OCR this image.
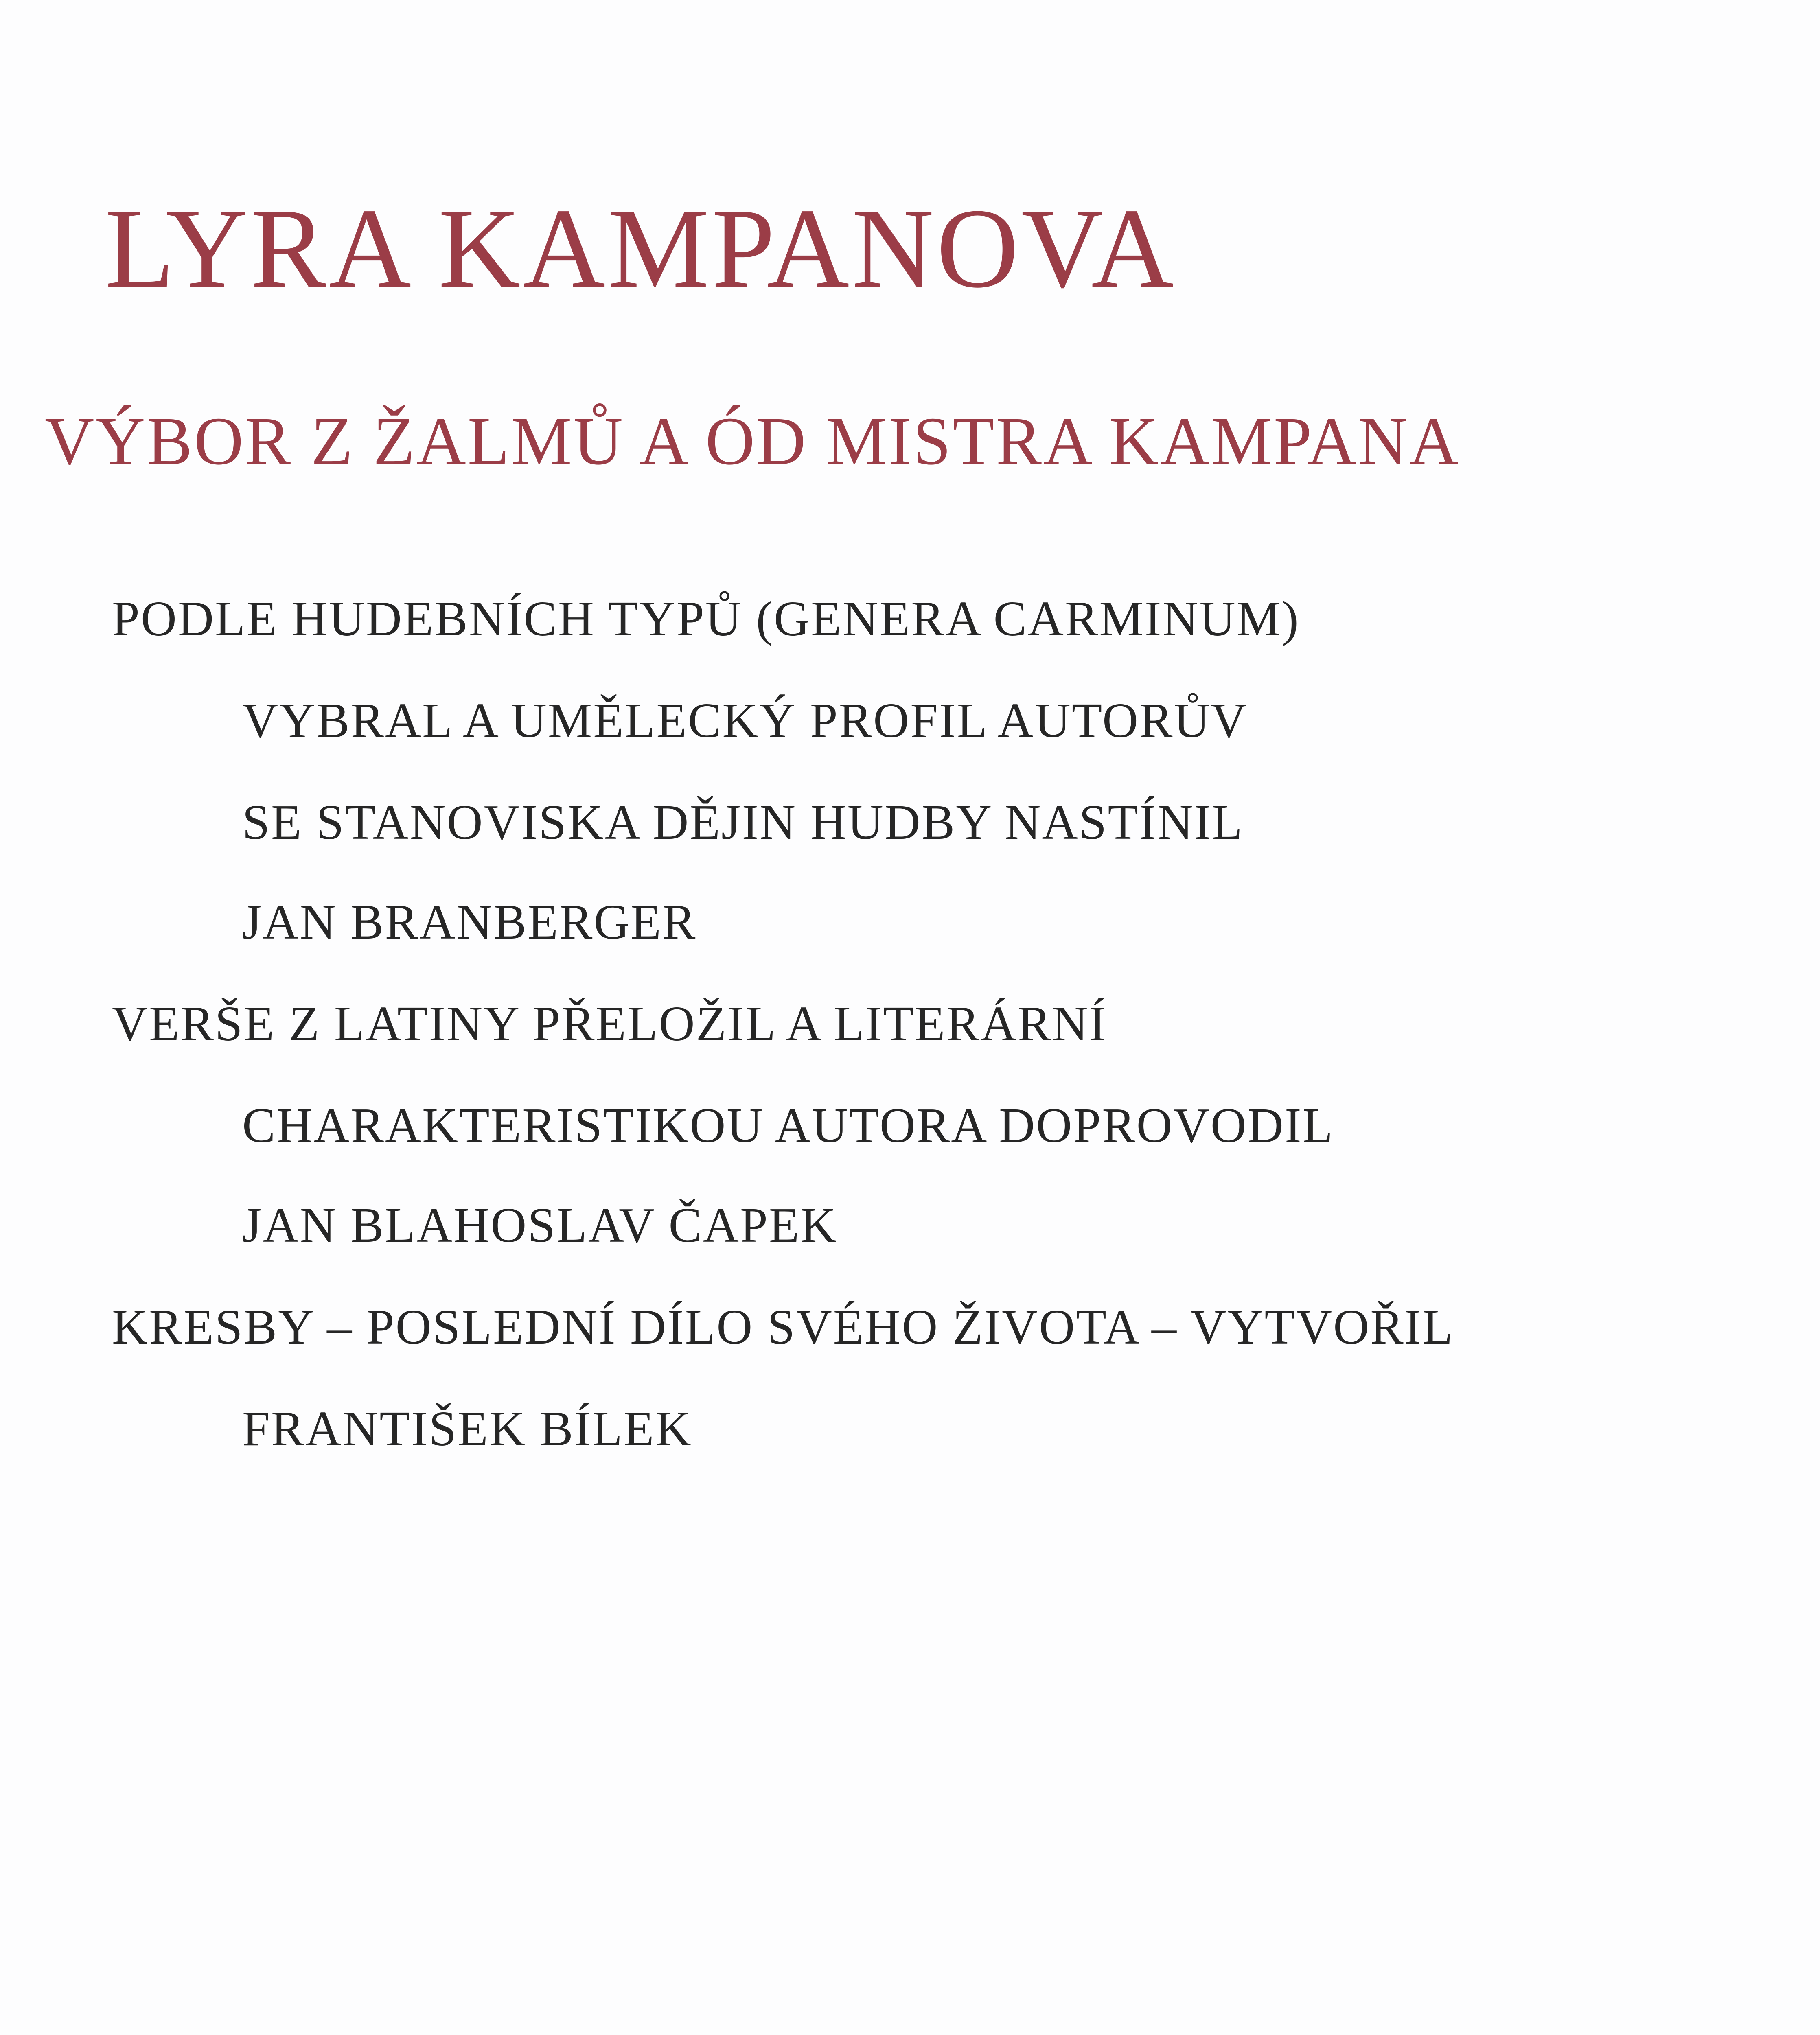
LYRA KAMPANOVA
VÝBOR Z ŽALMŮ A ÓD MISTRA KAMPANA

PODLE HUDEBNÍCH TYPŮ (GENERA CARMINUM)

VYBRAL A UMĚLECKÝ PROFIL AUTORŮV

SE STANOVISKA DĚJIN HUDBY NASTÍNIL

JAN BRANBERGER

VERŠE Z LATINY PŘELOŽIL A LITERÁRNÍ

CHARAKTERISTIKOU AUTORA DOPROVODIL

JAN BLAHOSLAV ČAPEK

KRESBY – POSLEDNÍ DÍLO SVÉHO ŽIVOTA – VYTVOŘIL

FRANTIŠEK BÍLEK
